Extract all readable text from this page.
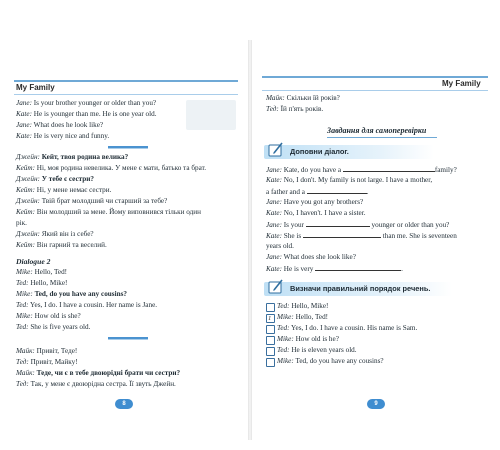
My Family
Jane: Is your brother younger or older than you?
Kate: He is younger than me. He is one year old.
Jane: What does he look like?
Kate: He is very nice and funny.
Джейн: Кейт, твоя родина велика?
Кейт: Ні, моя родина невелика. У мене є мати, батько та брат.
Джейн: У тебе є сестри?
Кейт: Ні, у мене немає сестри.
Джейн: Твій брат молодший чи старший за тебе?
Кейт: Він молодший за мене. Йому виповнився тільки один
рік.
Джейн: Який він із себе?
Кейт: Він гарний та веселий.
Dialogue 2
Mike: Hello, Ted!
Ted: Hello, Mike!
Mike: Ted, do you have any cousins?
Ted: Yes, I do. I have a cousin. Her name is Jane.
Mike: How old is she?
Ted: She is five years old.
Майк: Привіт, Теде!
Тед: Привіт, Майку!
Майк: Теде, чи є в тебе двоюрідні брати чи сестри?
Тед: Так, у мене є двоюрідна сестра. Її звуть Джейн.
8
My Family
Майк: Скільки їй років?
Тед: Їй п'ять років.
Завдання для самоперевірки
Доповни діалог.
Jane: Kate, do you have a	family?
Kate: No, I don't. My family is not large. I have a mother,
a father and a	.
Jane: Have you got any brothers?
Kate: No, I haven't. I have a sister.
Jane: Is your	younger or older than you?
Kate: She is	than me. She is seventeen
years old.
Jane: What does she look like?
Kate: He is very	.
Визначи правильний порядок речень.
Ted: Hello, Mike!
1 Mike: Hello, Ted!
Ted: Yes, I do. I have a cousin. His name is Sam.
Mike: How old is he?
Ted: He is eleven years old.
Mike: Ted, do you have any cousins?
9
